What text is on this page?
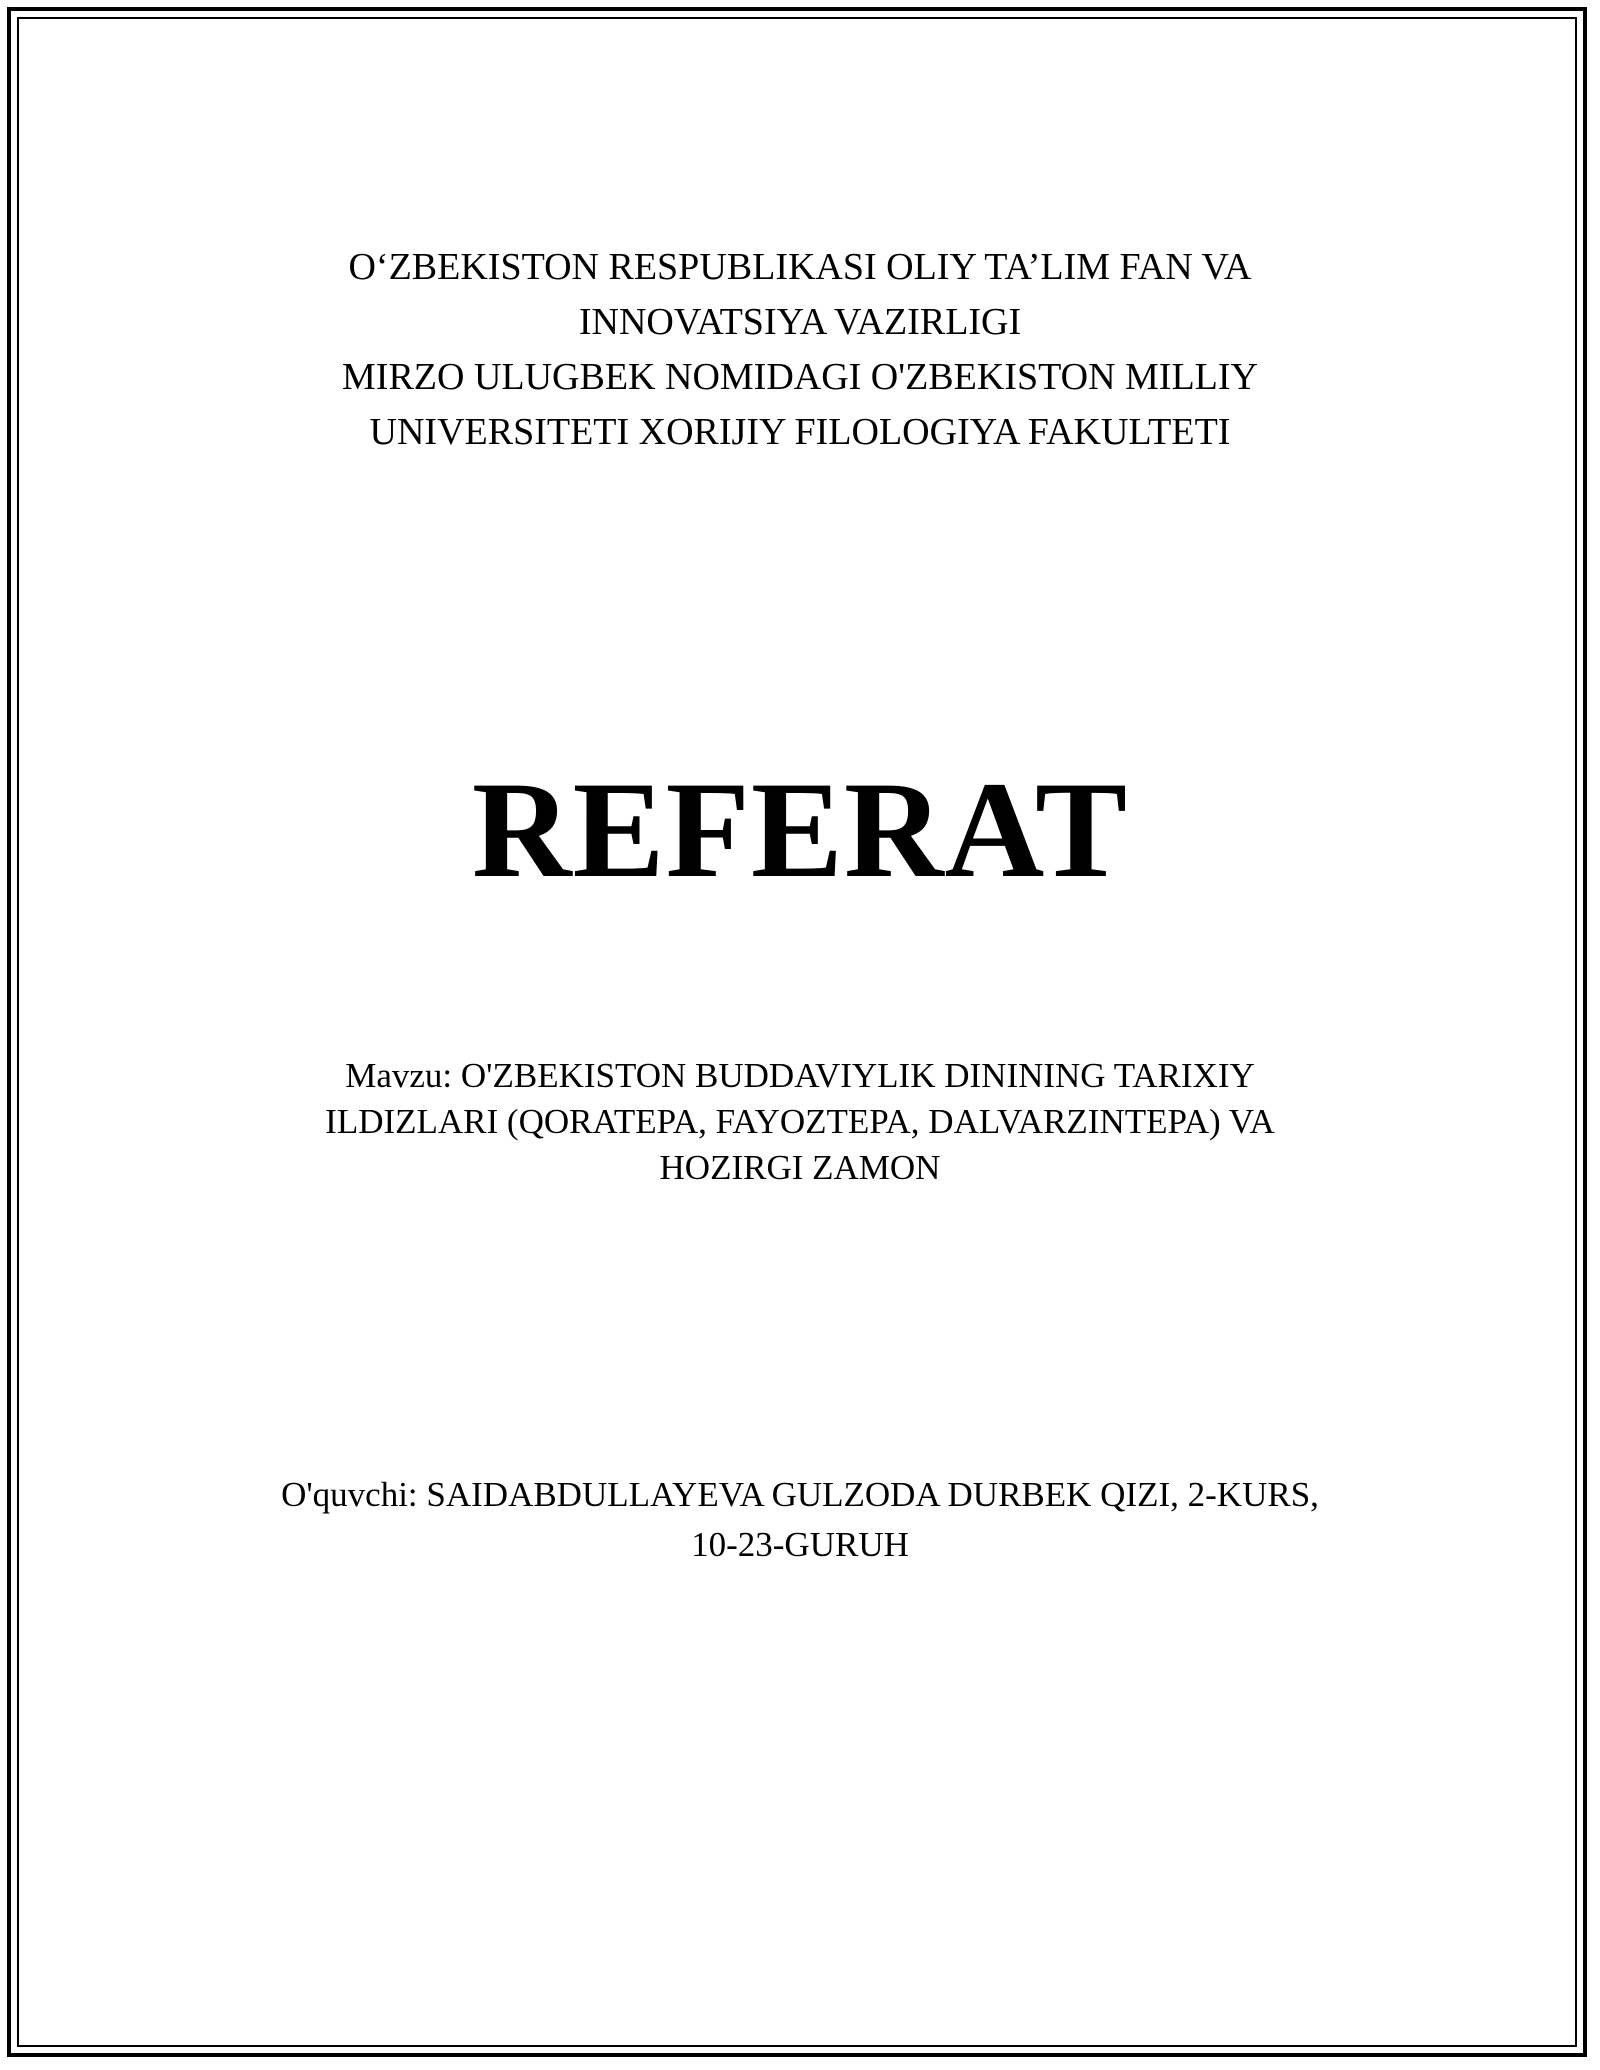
O‘ZBEKISTON RESPUBLIKASI OLIY TA’LIM FAN VA
INNOVATSIYA VAZIRLIGI
MIRZO ULUGBEK NOMIDAGI O'ZBEKISTON MILLIY
UNIVERSITETI XORIJIY FILOLOGIYA FAKULTETI
REFERAT
Mavzu: O'ZBEKISTON BUDDAVIYLIK DININING TARIXIY
ILDIZLARI (QORATEPA, FAYOZTEPA, DALVARZINTEPA) VA
HOZIRGI ZAMON
O'quvchi: SAIDABDULLAYEVA GULZODA DURBEK QIZI, 2-KURS,
10-23-GURUH
